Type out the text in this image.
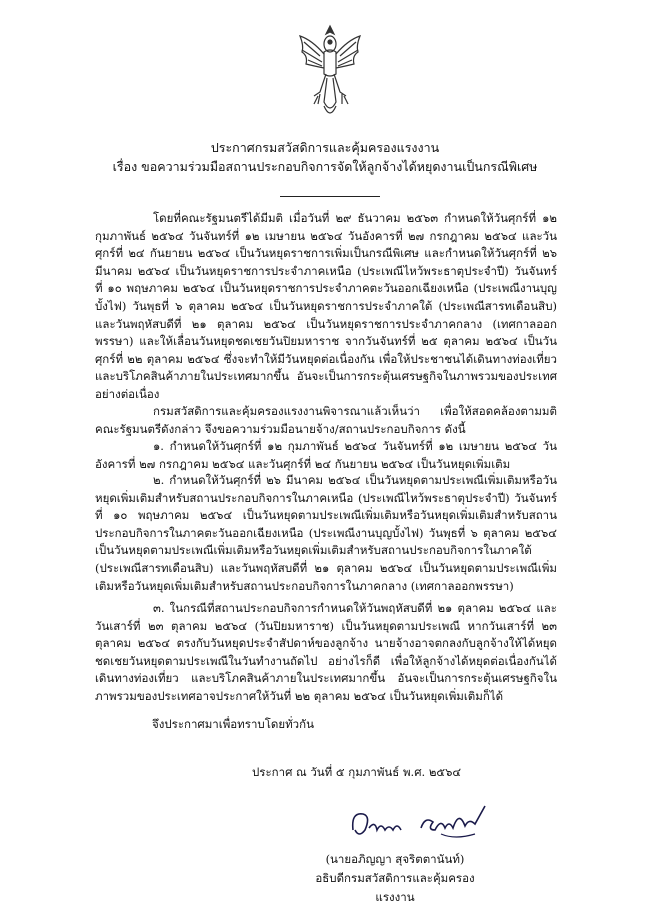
ประกาศกรมสวัสดิการและคุ้มครองแรงงาน
เรื่อง ขอความร่วมมือสถานประกอบกิจการจัดให้ลูกจ้างได้หยุดงานเป็นกรณีพิเศษ
โดยที่คณะรัฐมนตรีได้มีมติ เมื่อวันที่ ๒๙ ธันวาคม ๒๕๖๓ กำหนดให้วันศุกร์ที่ ๑๒ กุมภาพันธ์ ๒๕๖๔ วันจันทร์ที่ ๑๒ เมษายน ๒๕๖๔ วันอังคารที่ ๒๗ กรกฎาคม ๒๕๖๔ และวันศุกร์ที่ ๒๔ กันยายน ๒๕๖๔ เป็นวันหยุดราชการเพิ่มเป็นกรณีพิเศษ และกำหนดให้วันศุกร์ที่ ๒๖ มีนาคม ๒๕๖๔ เป็นวันหยุดราชการประจำภาคเหนือ (ประเพณีไหว้พระธาตุประจำปี) วันจันทร์ที่ ๑๐ พฤษภาคม ๒๕๖๔ เป็นวันหยุดราชการประจำภาคตะวันออกเฉียงเหนือ (ประเพณีงานบุญบั้งไฟ) วันพุธที่ ๖ ตุลาคม ๒๕๖๔ เป็นวันหยุดราชการประจำภาคใต้ (ประเพณีสารทเดือนสิบ) และวันพฤหัสบดีที่ ๒๑ ตุลาคม ๒๕๖๔ เป็นวันหยุดราชการประจำภาคกลาง (เทศกาลออกพรรษา) และให้เลื่อนวันหยุดชดเชยวันปิยมหาราช จากวันจันทร์ที่ ๒๕ ตุลาคม ๒๕๖๔ เป็นวันศุกร์ที่ ๒๒ ตุลาคม ๒๕๖๔ ซึ่งจะทำให้มีวันหยุดต่อเนื่องกัน เพื่อให้ประชาชนได้เดินทางท่องเที่ยวและบริโภคสินค้าภายในประเทศมากขึ้น อันจะเป็นการกระตุ้นเศรษฐกิจในภาพรวมของประเทศอย่างต่อเนื่อง
กรมสวัสดิการและคุ้มครองแรงงานพิจารณาแล้วเห็นว่า เพื่อให้สอดคล้องตามมติคณะรัฐมนตรีดังกล่าว จึงขอความร่วมมือนายจ้าง/สถานประกอบกิจการ ดังนี้
๑. กำหนดให้วันศุกร์ที่ ๑๒ กุมภาพันธ์ ๒๕๖๔ วันจันทร์ที่ ๑๒ เมษายน ๒๕๖๔ วันอังคารที่ ๒๗ กรกฎาคม ๒๕๖๔ และวันศุกร์ที่ ๒๔ กันยายน ๒๕๖๔ เป็นวันหยุดเพิ่มเติม
๒. กำหนดให้วันศุกร์ที่ ๒๖ มีนาคม ๒๕๖๔ เป็นวันหยุดตามประเพณีเพิ่มเติมหรือวันหยุดเพิ่มเติมสำหรับสถานประกอบกิจการในภาคเหนือ (ประเพณีไหว้พระธาตุประจำปี) วันจันทร์ที่ ๑๐ พฤษภาคม ๒๕๖๔ เป็นวันหยุดตามประเพณีเพิ่มเติมหรือวันหยุดเพิ่มเติมสำหรับสถานประกอบกิจการในภาคตะวันออกเฉียงเหนือ (ประเพณีงานบุญบั้งไฟ) วันพุธที่ ๖ ตุลาคม ๒๕๖๔ เป็นวันหยุดตามประเพณีเพิ่มเติมหรือวันหยุดเพิ่มเติมสำหรับสถานประกอบกิจการในภาคใต้ (ประเพณีสารทเดือนสิบ) และวันพฤหัสบดีที่ ๒๑ ตุลาคม ๒๕๖๔ เป็นวันหยุดตามประเพณีเพิ่มเติมหรือวันหยุดเพิ่มเติมสำหรับสถานประกอบกิจการในภาคกลาง (เทศกาลออกพรรษา)
๓. ในกรณีที่สถานประกอบกิจการกำหนดให้วันพฤหัสบดีที่ ๒๑ ตุลาคม ๒๕๖๔ และวันเสาร์ที่ ๒๓ ตุลาคม ๒๕๖๔ (วันปิยมหาราช) เป็นวันหยุดตามประเพณี หากวันเสาร์ที่ ๒๓ ตุลาคม ๒๕๖๔ ตรงกับวันหยุดประจำสัปดาห์ของลูกจ้าง นายจ้างอาจตกลงกับลูกจ้างให้ได้หยุดชดเชยวันหยุดตามประเพณีในวันทำงานถัดไป อย่างไรก็ดี เพื่อให้ลูกจ้างได้หยุดต่อเนื่องกันได้เดินทางท่องเที่ยว และบริโภคสินค้าภายในประเทศมากขึ้น อันจะเป็นการกระตุ้นเศรษฐกิจในภาพรวมของประเทศอาจประกาศให้วันที่ ๒๒ ตุลาคม ๒๕๖๔ เป็นวันหยุดเพิ่มเติมก็ได้
จึงประกาศมาเพื่อทราบโดยทั่วกัน
ประกาศ ณ วันที่ ๕ กุมภาพันธ์ พ.ศ. ๒๕๖๔
(นายอภิญญา สุจริตตานันท์)
อธิบดีกรมสวัสดิการและคุ้มครองแรงงาน
